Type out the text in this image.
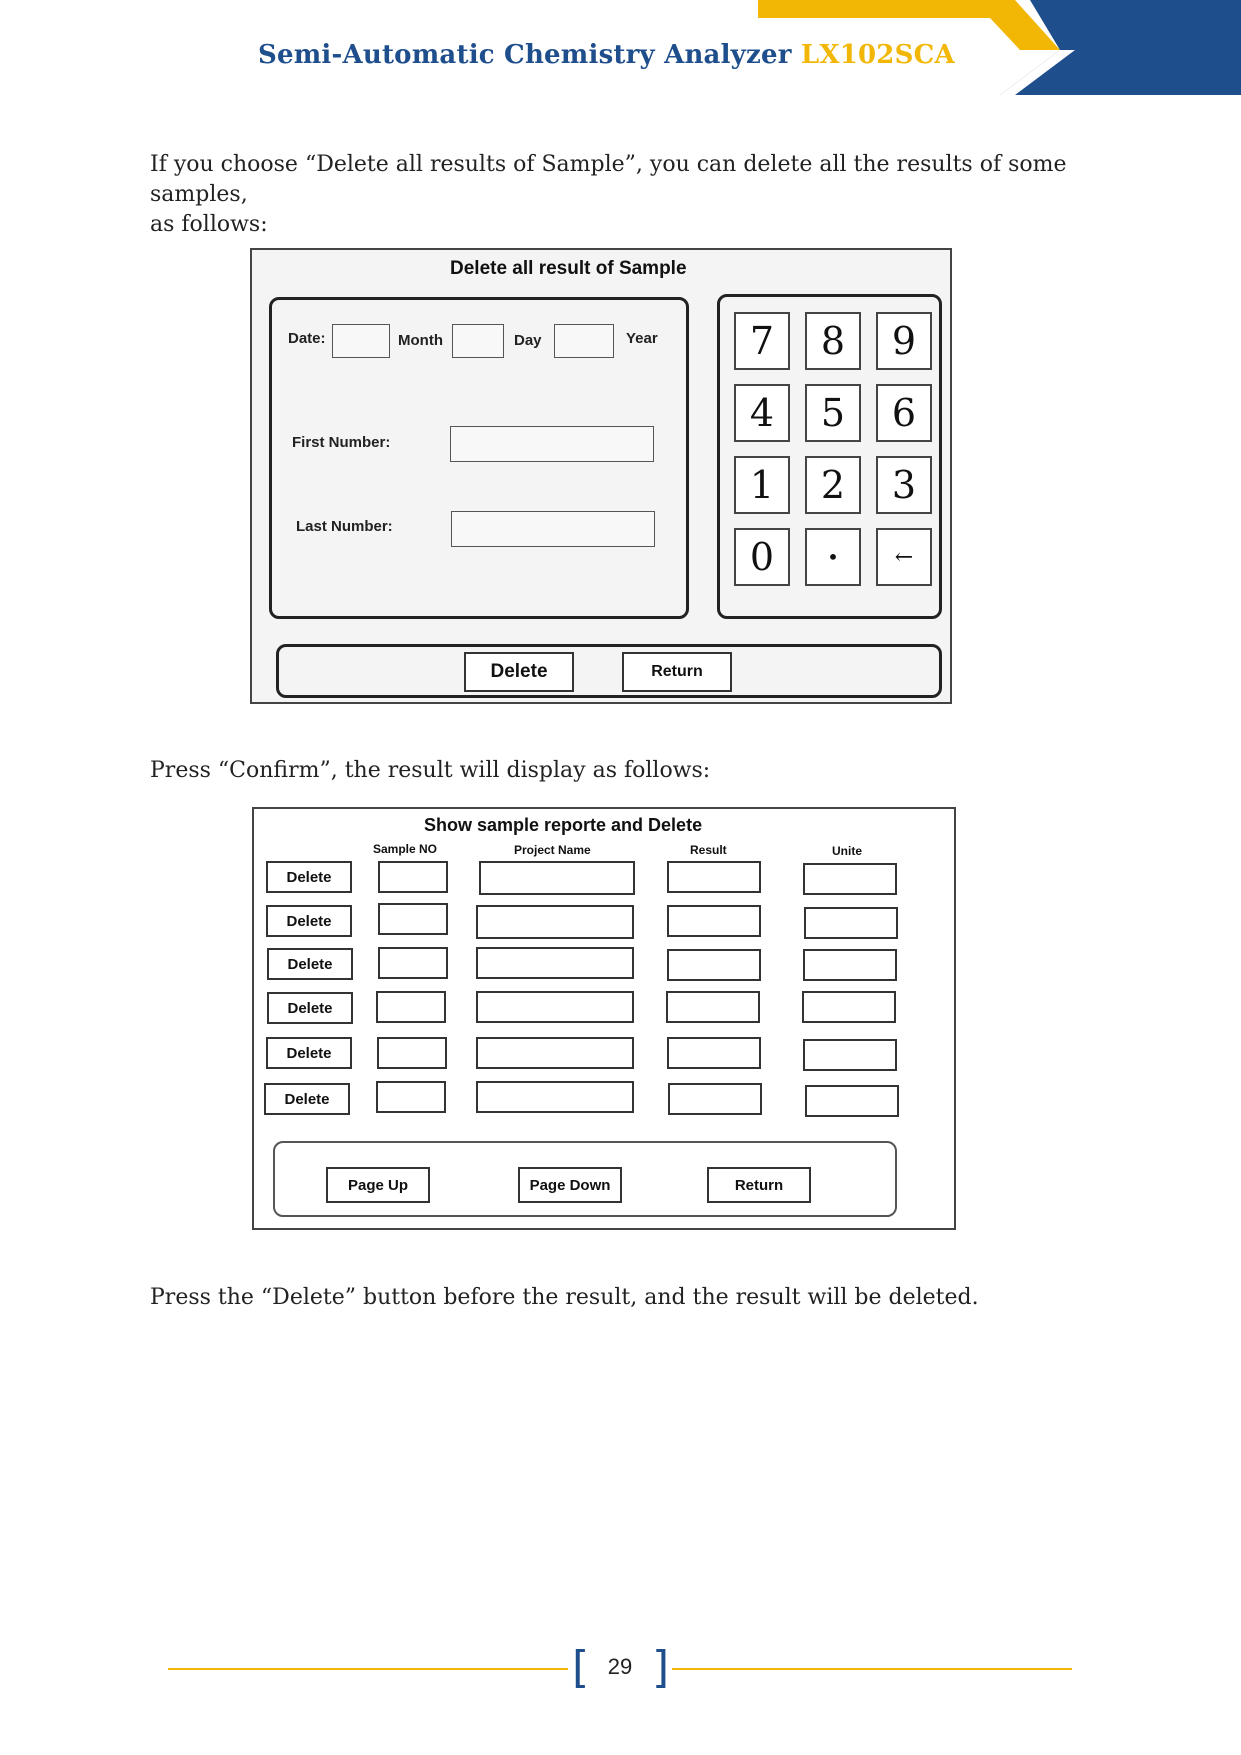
Semi-Automatic Chemistry Analyzer LX102SCA
If you choose “Delete all results of Sample”, you can delete all the results of some samples,
as follows:
Delete all result of Sample
Date:	Month	Day	Year
First Number:
Last Number:
7	8	9
4	5	6
1	2	3
0	•	←
Delete	Return
Press “Confirm”, the result will display as follows:
Show sample reporte and Delete
Sample NO	Project Name	Result	Unite
Delete
Delete
Delete
Delete
Delete
Delete
Page Up	Page Down	Return
Press the “Delete” button before the result, and the result will be deleted.
[ 29 ]
